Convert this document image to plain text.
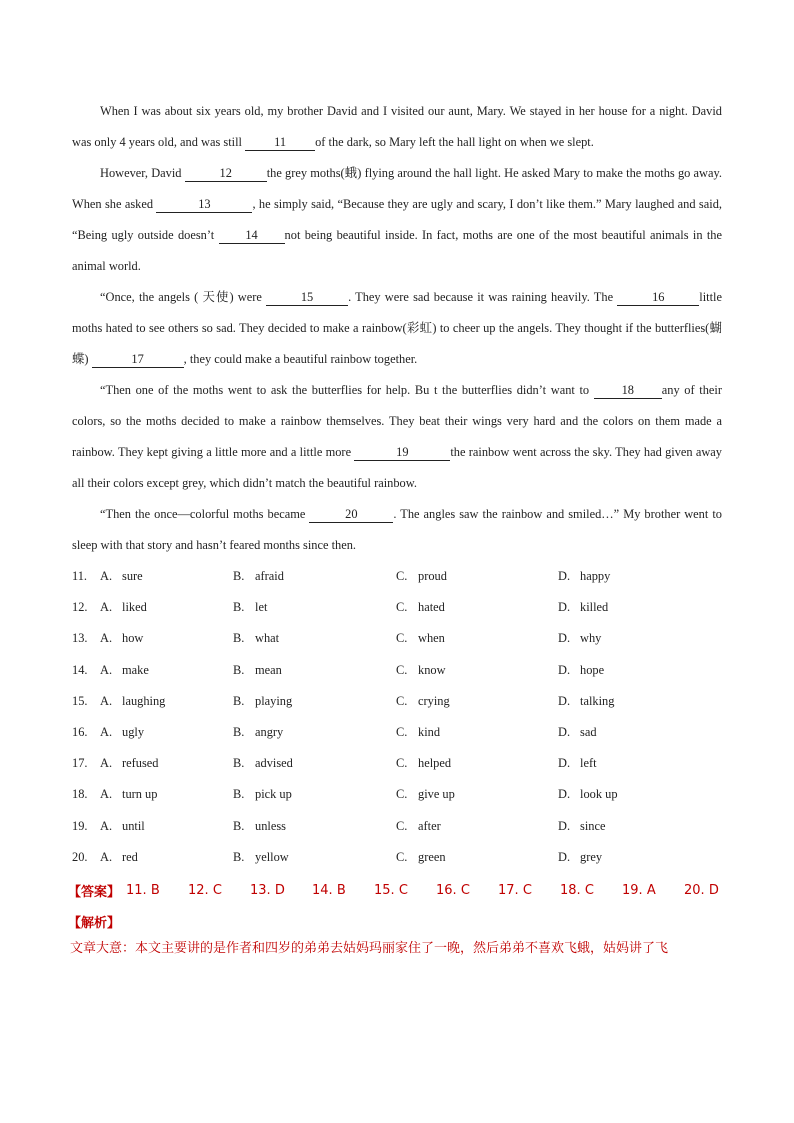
When I was about six years old, my brother David and I visited our aunt, Mary. We stayed in her house for a night. David was only 4 years old, and was still 11 of the dark, so Mary left the hall light on when we slept.

However, David	12	the grey moths(蛾) flying around the hall light. He asked Mary to make the moths go away. When she asked	13	, he simply said, “Because they are ugly and scary, I don’t like them.” Mary laughed and said, “Being ugly outside doesn’t 14 not being beautiful inside. In fact, moths are one of the most beautiful animals in the animal world.

“Once, the angels ( 天使) were	15	. They were sad because it was raining heavily. The	16	little moths hated to see others so sad. They decided to make a rainbow(彩虹) to cheer up the angels. They thought if the butterflies(蝴蝶)	17	, they could make a beautiful rainbow together.

“Then one of the moths went to ask the butterflies for help. Bu t the butterflies didn’t want to 18 any of their colors, so the moths decided to make a rainbow themselves. They beat their wings very hard and the colors on them made a rainbow. They kept giving a little more and a little more	19	the rainbow went across the sky. They had given away all their colors except grey, which didn’t match the beautiful rainbow.

“Then the once—colorful moths became	20	. The angles saw the rainbow and smiled…” My brother went to sleep with that story and hasn’t feared months since then.

11.	A. sure	B. afraid	C. proud	D. happy
12.	A. liked	B. let	C. hated	D. killed
13.	A. how	B. what	C. when	D. why
14.	A. make	B. mean	C. know	D. hope
15.	A. laughing	B. playing	C. crying	D. talking
16.	A. ugly	B. angry	C. kind	D. sad
17.	A. refused	B. advised	C. helped	D. left
18.	A. turn up	B. pick up	C. give up	D. look up
19.	A. until	B. unless	C. after	D. since
20.	A. red	B. yellow	C. green	D. grey
【答案】 11. B	12. C	13. D	14. B	15. C	16. C	17. C	18. C	19. A	20. D
【解析】
文章大意：本文主要讲的是作者和四岁的弟弟去姑妈玛丽家住了一晚，然后弟弟不喜欢飞蛾，姑妈讲了飞
